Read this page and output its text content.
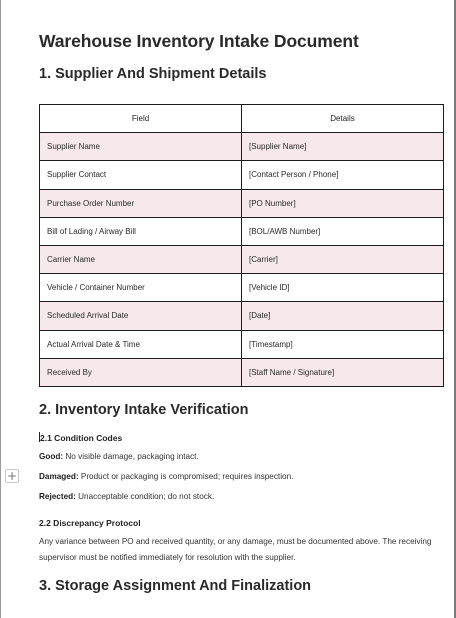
+
Warehouse Inventory Intake Document
1. Supplier And Shipment Details
Field	Details
Supplier Name	[Supplier Name]
Supplier Contact	[Contact Person / Phone]
Purchase Order Number	[PO Number]
Bill of Lading / Airway Bill	[BOL/AWB Number]
Carrier Name	[Carrier]
Vehicle / Container Number	[Vehicle ID]
Scheduled Arrival Date	[Date]
Actual Arrival Date & Time	[Timestamp]
Received By	[Staff Name / Signature]
2. Inventory Intake Verification
2.1 Condition Codes
Good: No visible damage, packaging intact.
Damaged: Product or packaging is compromised; requires inspection.
Rejected: Unacceptable condition; do not stock.
2.2 Discrepancy Protocol
Any variance between PO and received quantity, or any damage, must be documented above. The receiving supervisor must be notified immediately for resolution with the supplier.
3. Storage Assignment And Finalization
